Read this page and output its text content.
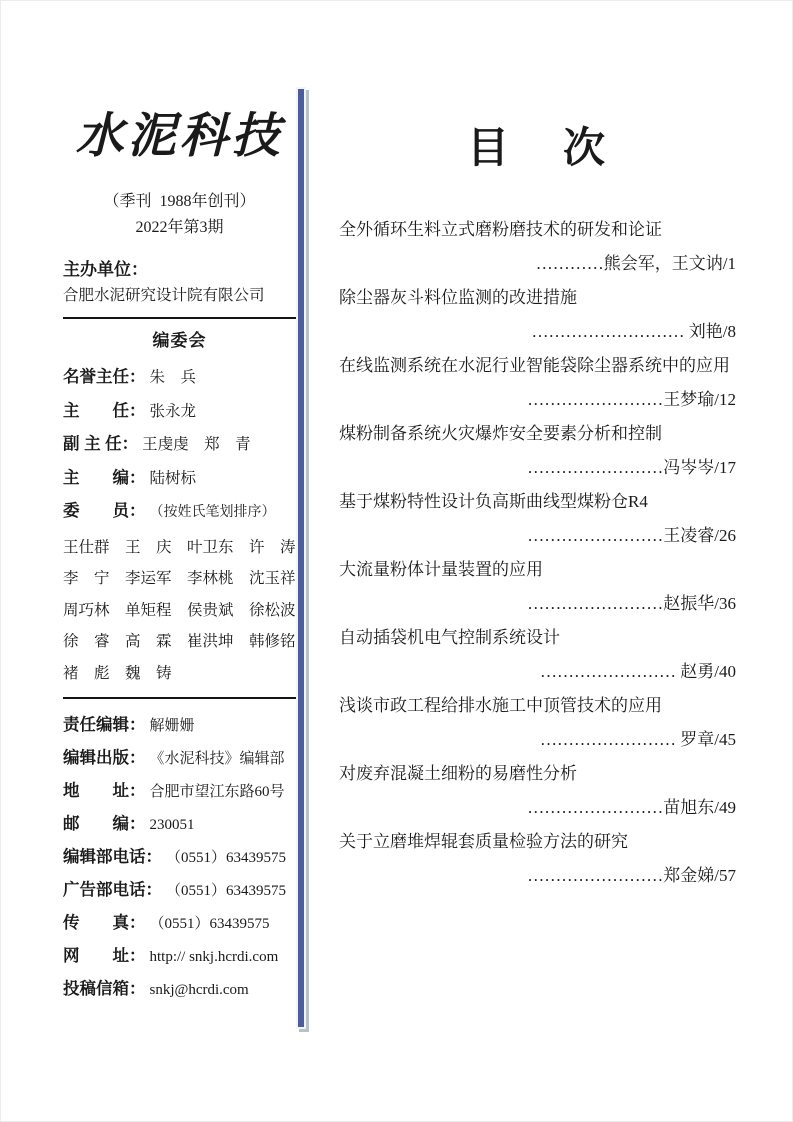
水泥科技
（季刊  1988年创刊）
2022年第3期
主办单位：
合肥水泥研究设计院有限公司
编委会
名誉主任： 朱　兵
主　　任： 张永龙
副 主 任： 王虔虔　郑　青
主　　编： 陆树标
委　　员： （按姓氏笔划排序）
王仕群　王　庆　叶卫东　许　涛
李　宁　李运军　李林桃　沈玉祥
周巧林　单矩程　侯贵斌　徐松波
徐　睿　高　霖　崔洪坤　韩修铭
褚　彪　魏　铸
责任编辑： 解姗姗
编辑出版： 《水泥科技》编辑部
地　　址： 合肥市望江东路60号
邮　　编： 230051
编辑部电话： （0551）63439575
广告部电话： （0551）63439575
传　　真： （0551）63439575
网　　址： http:// snkj.hcrdi.com
投稿信箱： snkj@hcrdi.com
目　次
全外循环生料立式磨粉磨技术的研发和论证
…………熊会军，王文讷/1
除尘器灰斗料位监测的改进措施
……………………… 刘艳/8
在线监测系统在水泥行业智能袋除尘器系统中的应用
……………………王梦瑜/12
煤粉制备系统火灾爆炸安全要素分析和控制
……………………冯岑岑/17
基于煤粉特性设计负高斯曲线型煤粉仓R4
……………………王凌睿/26
大流量粉体计量装置的应用
……………………赵振华/36
自动插袋机电气控制系统设计
…………………… 赵勇/40
浅谈市政工程给排水施工中顶管技术的应用
…………………… 罗章/45
对废弃混凝土细粉的易磨性分析
……………………苗旭东/49
关于立磨堆焊辊套质量检验方法的研究
……………………郑金娣/57
